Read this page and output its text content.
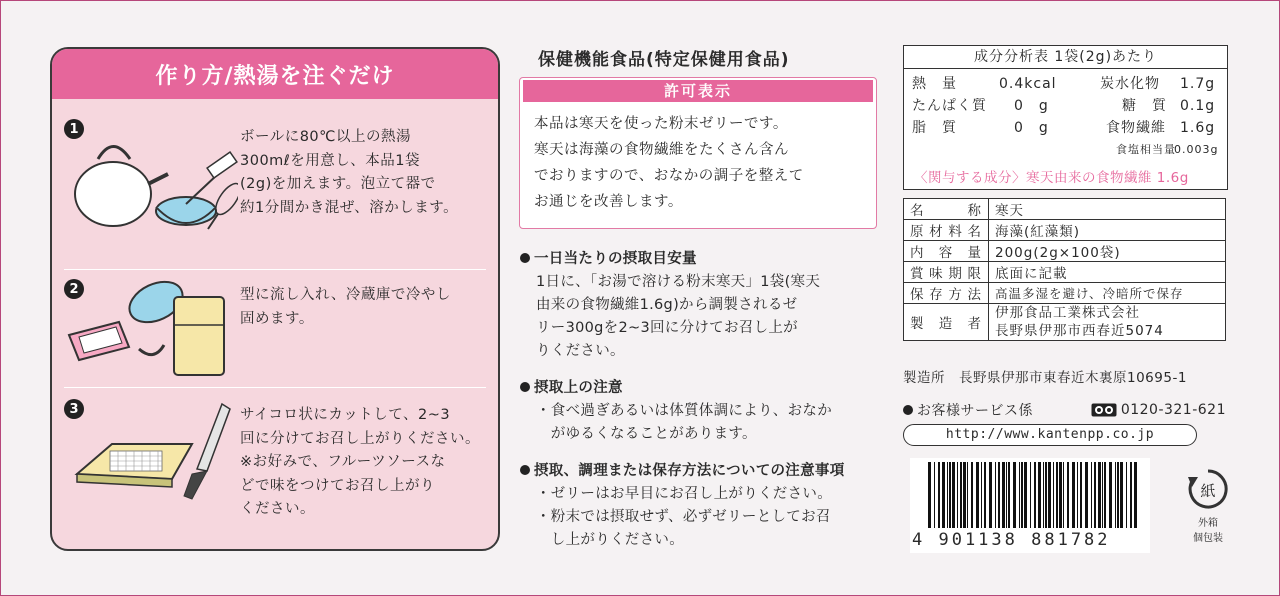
作り方/熱湯を注ぐだけ
1	ボールに80℃以上の熱湯
300mℓを用意し、本品1袋
(2g)を加えます。泡立て器で
約1分間かき混ぜ、溶かします。
2	型に流し入れ、冷蔵庫で冷やし
固めます。
3	サイコロ状にカットして、2~3
回に分けてお召し上がりください。
※お好みで、フルーツソースな
どで味をつけてお召し上がり
ください。
保健機能食品(特定保健用食品)
許可表示
本品は寒天を使った粉末ゼリーです。
寒天は海藻の食物繊維をたくさん含ん
でおりますので、おなかの調子を整えて
お通じを改善します。
一日当たりの摂取目安量
1日に、「お湯で溶ける粉末寒天」1袋(寒天
由来の食物繊維1.6g)から調製されるゼ
リー300gを2~3回に分けてお召し上が
りください。
摂取上の注意
・食べ過ぎあるいは体質体調により、おなか
　がゆるくなることがあります。
摂取、調理または保存方法についての注意事項
・ゼリーはお早目にお召し上がりください。
・粉末では摂取せず、必ずゼリーとしてお召
　し上がりください。
成分分析表 1袋(2g)あたり
熱　量	0.4kcal	炭水化物 1.7g
たんぱく質 0　g	糖　質 0.1g
脂　質	0　g	食物繊維 1.6g
食塩相当量
0.003g
〈関与する成分〉寒天由来の食物繊維 1.6g
名称	寒天
原材料名	海藻(紅藻類)
内容量	200g(2g×100袋)
賞味期限	底面に記載
保存方法	高温多湿を避け、冷暗所で保存
製造者	伊那食品工業株式会社
長野県伊那市西春近5074
製造所　長野県伊那市東春近木裏原10695-1
お客様サービス係	0120-321-621
http://www.kantenpp.co.jp
4 901138 881782
紙
外箱
個包装
